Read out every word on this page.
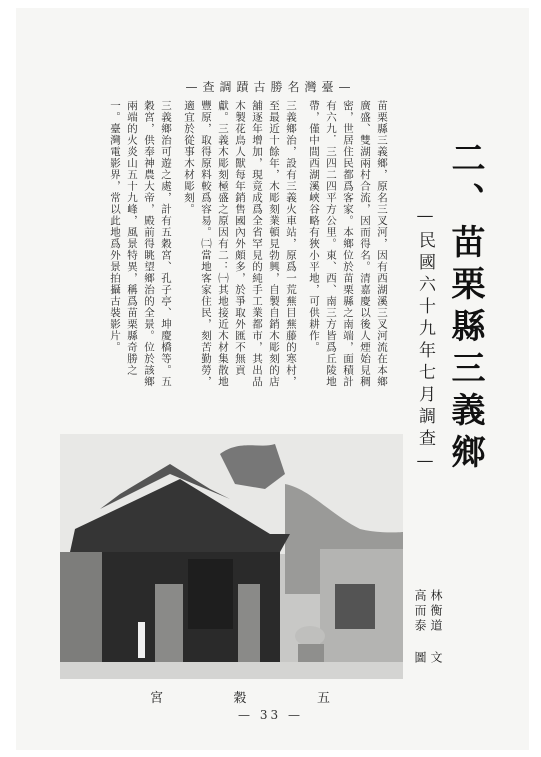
—查調蹟古勝名灣臺—
二、苗栗縣三義鄉
—民國六十九年七月調查—

苗栗縣三義鄉，原名三叉河，因有西湖溪三叉河流在本鄉廣盛、雙湖兩村合流，因而得名。清嘉慶以後人煙始見稠密，世居住民都爲客家。本鄉位於苗栗縣之南端，面積計有六九．三四二四平方公里。東、西、南三方皆爲丘陵地帶，僅中間西湖溪峽谷略有狹小平地，可供耕作。

三義鄉治，設有三義火車站，原爲一荒蕪目蕪藤的寒村，至最近十餘年，木彫刻業頓見勃興，自製自銷木彫刻的店舖逐年增加，現竟成爲全省罕見的純手工業都市，其出品木製花鳥人獸每年銷售國內外頗多，於爭取外匯不無貢獻。三義木彫刻極盛之原因有二：㈠其地接近木材集散地豐原，取得原料較爲容易。㈡當地客家住民，刻苦勤勞，適宜於從事木材彫刻。

三義鄉治可遊之處，計有五穀宮、孔子亭、坤慶橋等。五穀宮，供奉神農大帝，殿前得眺望鄉治的全景。位於該鄉兩端的火炎山五十九峰，風景特異，稱爲苗栗縣奇勝之一。臺灣電影界，常以此地爲外景拍攝古裝影片。

林衡道 文
高而泰 圖
宮	穀	五
— 33 —
